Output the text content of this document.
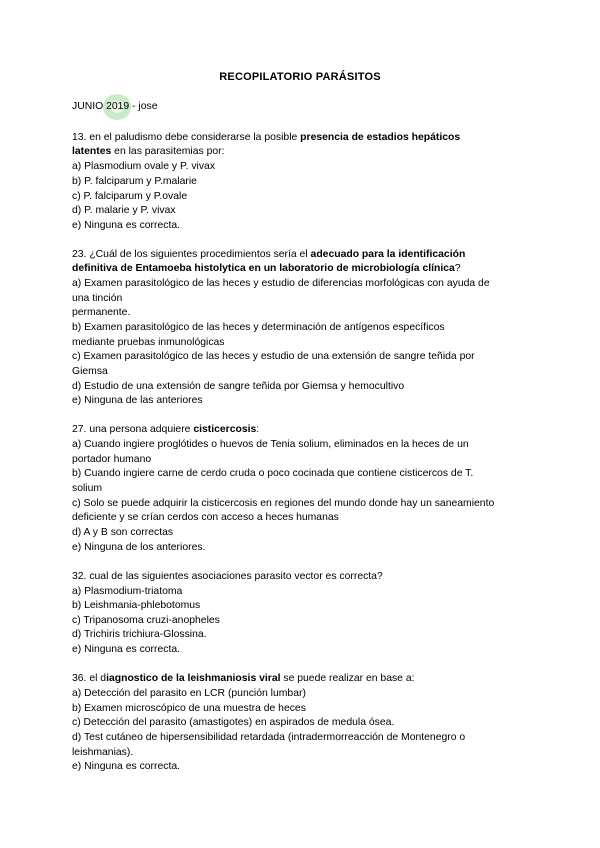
RECOPILATORIO PARÁSITOS
JUNIO 2019 - jose
13. en el paludismo debe considerarse la posible presencia de estadios hepáticos
latentes en las parasitemias por:
a) Plasmodium ovale y P. vivax
b) P. falciparum y P.malarie
c) P. falciparum y P.ovale
d) P. malarie y P. vivax
e) Ninguna es correcta.
23. ¿Cuál de los siguientes procedimientos sería el adecuado para la identificación
definitiva de Entamoeba histolytica en un laboratorio de microbiología clínica?
a) Examen parasitológico de las heces y estudio de diferencias morfológicas con ayuda de
una tinción
permanente.
b) Examen parasitológico de las heces y determinación de antígenos específicos
mediante pruebas inmunológicas
c) Examen parasitológico de las heces y estudio de una extensión de sangre teñida por
Giemsa
d) Estudio de una extensión de sangre teñida por Giemsa y hemocultivo
e) Ninguna de las anteriores
27. una persona adquiere cisticercosis:
a) Cuando ingiere proglótides o huevos de Tenia solium, eliminados en la heces de un
portador humano
b) Cuando ingiere carne de cerdo cruda o poco cocinada que contiene cisticercos de T.
solium
c) Solo se puede adquirir la cisticercosis en regiones del mundo donde hay un saneamiento
deficiente y se crían cerdos con acceso a heces humanas
d) A y B son correctas
e) Ninguna de los anteriores.
32. cual de las siguientes asociaciones parasito vector es correcta?
a) Plasmodium-triatoma
b) Leishmania-phlebotomus
c) Tripanosoma cruzi-anopheles
d) Trichiris trichiura-Glossina.
e) Ninguna es correcta.
36. el diagnostico de la leishmaniosis viral se puede realizar en base a:
a) Detección del parasito en LCR (punción lumbar)
b) Examen microscópico de una muestra de heces
c) Detección del parasito (amastigotes) en aspirados de medula ósea.
d) Test cutáneo de hipersensibilidad retardada (intradermorreacción de Montenegro o
leishmanias).
e) Ninguna es correcta.
